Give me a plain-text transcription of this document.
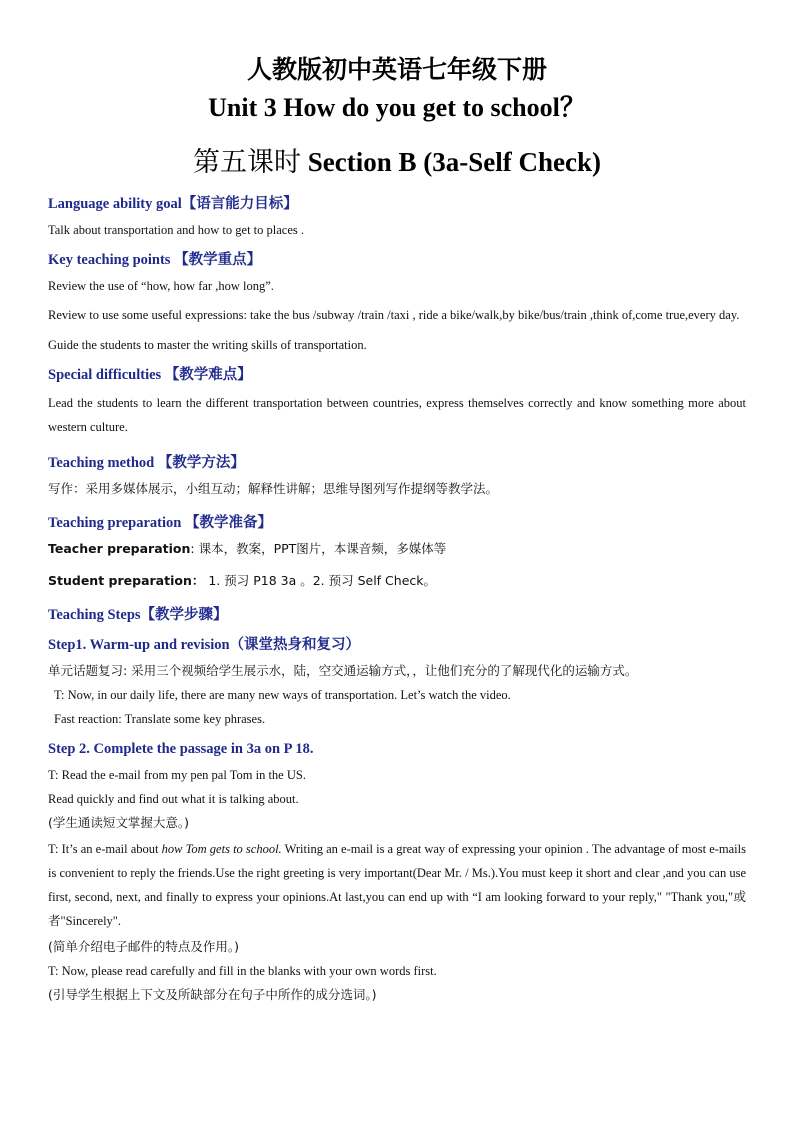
人教版初中英语七年级下册
Unit 3 How do you get to school？
第五课时 Section B (3a-Self Check)
Language ability goal【语言能力目标】
Talk about transportation and how to get to places .
Key teaching points 【教学重点】
Review the use of “how, how far ,how long”.
Review to use some useful expressions: take the bus /subway /train /taxi , ride a bike/walk,by bike/bus/train ,think of,come true,every day.
Guide the students to master the writing skills of transportation.
Special difficulties 【教学难点】
Lead the students to learn the different transportation between countries, express themselves correctly and know something more about western culture.
Teaching method 【教学方法】
写作：采用多媒体展示，小组互动；解释性讲解；思维导图列写作提纲等教学法。
Teaching preparation 【教学准备】
Teacher preparation: 课本，教案，PPT图片，本课音频，多媒体等
Student preparation： 1. 预习 P18 3a 。2. 预习 Self Check。
Teaching Steps【教学步骤】
Step1. Warm-up and revision（课堂热身和复习）
单元话题复习: 采用三个视频给学生展示水，陆，空交通运输方式，，让他们充分的了解现代化的运输方式。
T: Now, in our daily life, there are many new ways of transportation. Let’s watch the video.
Fast reaction: Translate some key phrases.
Step 2. Complete the passage in 3a on P 18.
T: Read the e-mail from my pen pal Tom in the US.
Read quickly and find out what it is talking about.
(学生通读短文掌握大意。)
T: It’s an e-mail about how Tom gets to school. Writing an e-mail is a great way of expressing your opinion . The advantage of most e-mails is convenient to reply the friends.Use the right greeting is very important(Dear Mr. / Ms.).You must keep it short and clear ,and you can use first, second, next, and finally to express your opinions.At last,you can end up with “I am looking forward to your reply," "Thank you,"或者"Sincerely".
(简单介绍电子邮件的特点及作用。)
T: Now, please read carefully and fill in the blanks with your own words first.
(引导学生根据上下文及所缺部分在句子中所作的成分选词。)
